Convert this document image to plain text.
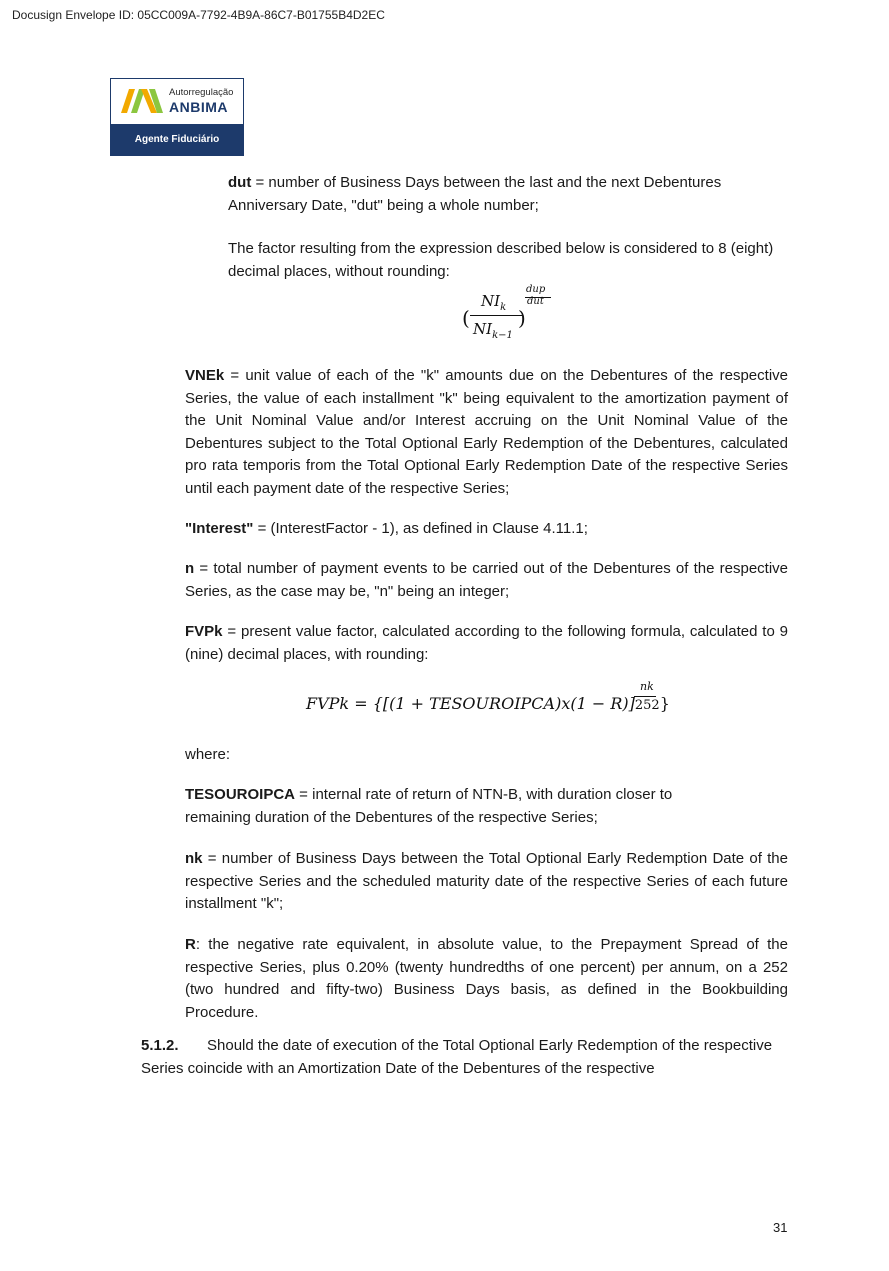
Docusign Envelope ID: 05CC009A-7792-4B9A-86C7-B01755B4D2EC
Autorregulação
ANBIMA
Agente Fiduciário
dut = number of Business Days between the last and the next Debentures
Anniversary Date, "dut" being a whole number;
The factor resulting from the expression described below is considered to 8 (eight)
decimal places, without rounding:
(
$NI_k$
$NI_{k-1}$
)
dup
dut
VNEk = unit value of each of the "k" amounts due on the Debentures of the respective Series, the value of each installment "k" being equivalent to the amortization payment of the Unit Nominal Value and/or Interest accruing on the Unit Nominal Value of the Debentures subject to the Total Optional Early Redemption of the Debentures, calculated pro rata temporis from the Total Optional Early Redemption Date of the respective Series until each payment date of the respective Series;
"Interest" = (InterestFactor - 1), as defined in Clause 4.11.1;
n = total number of payment events to be carried out of the Debentures of the respective Series, as the case may be, "n" being an integer;
FVPk = present value factor, calculated according to the following formula, calculated to 9 (nine) decimal places, with rounding:
FVPk = {[(1 + TESOUROIPCA)x(1 − R)]252}
nk
where:
TESOUROIPCA = internal rate of return of NTN-B, with duration closer to
remaining duration of the Debentures of the respective Series;
nk = number of Business Days between the Total Optional Early Redemption Date of the respective Series and the scheduled maturity date of the respective Series of each future installment "k";
R: the negative rate equivalent, in absolute value, to the Prepayment Spread of the respective Series, plus 0.20% (twenty hundredths of one percent) per annum, on a 252 (two hundred and fifty-two) Business Days basis, as defined in the Bookbuilding Procedure.
5.1.2. Should the date of execution of the Total Optional Early Redemption of the respective
Series coincide with an Amortization Date of the Debentures of the respective
31
